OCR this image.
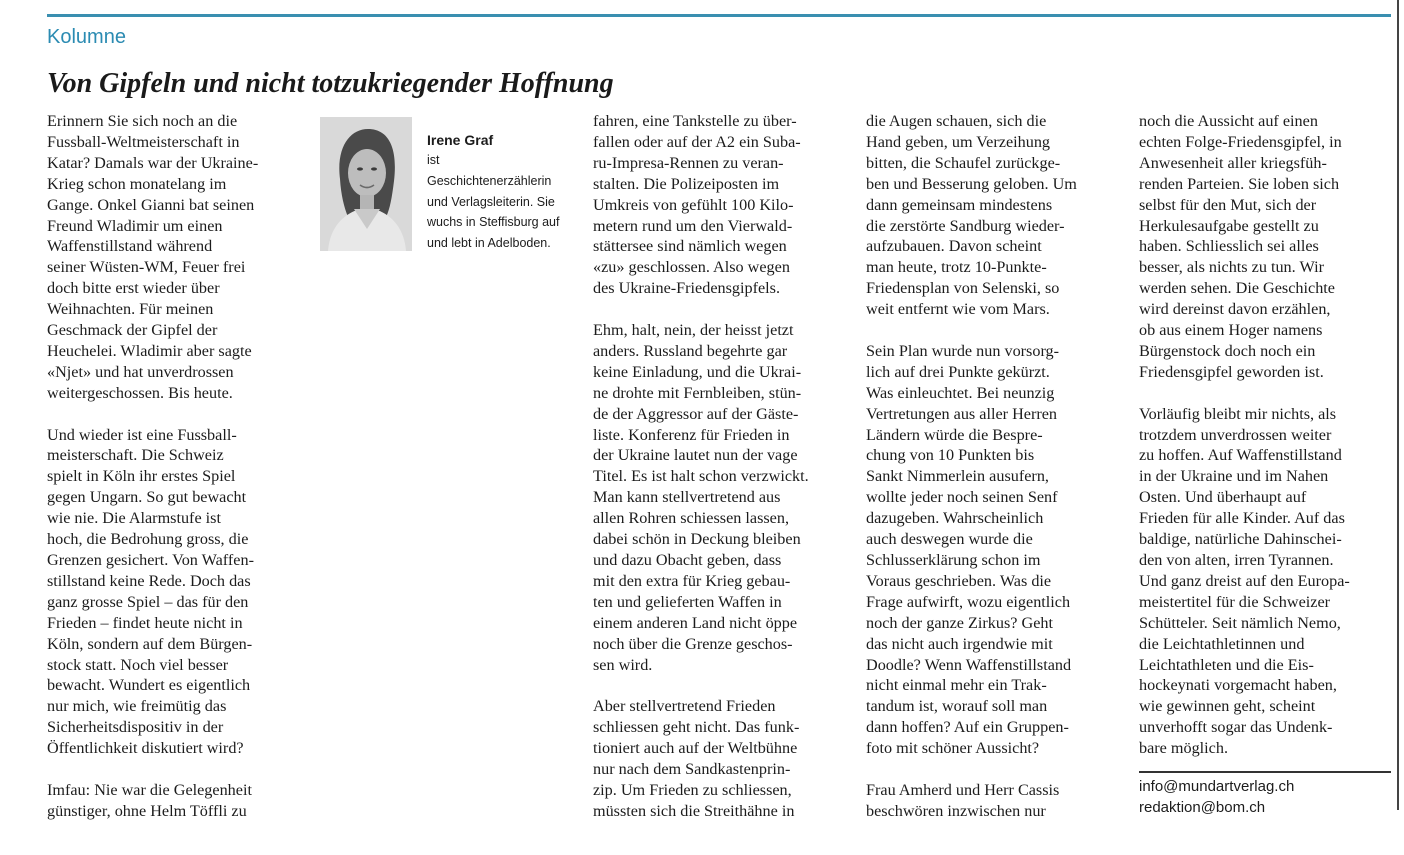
Kolumne
Von Gipfeln und nicht totzukriegender Hoffnung

Erinnern Sie sich noch an die
Fussball-Weltmeisterschaft in
Katar? Damals war der Ukraine-
Krieg schon monatelang im
Gange. Onkel Gianni bat seinen
Freund Wladimir um einen
Waffenstillstand während
seiner Wüsten-WM, Feuer frei
doch bitte erst wieder über
Weihnachten. Für meinen
Geschmack der Gipfel der
Heuchelei. Wladimir aber sagte
«Njet» und hat unverdrossen
weitergeschossen. Bis heute.

Und wieder ist eine Fussball-
meisterschaft. Die Schweiz
spielt in Köln ihr erstes Spiel
gegen Ungarn. So gut bewacht
wie nie. Die Alarmstufe ist
hoch, die Bedrohung gross, die
Grenzen gesichert. Von Waffen-
stillstand keine Rede. Doch das
ganz grosse Spiel – das für den
Frieden – findet heute nicht in
Köln, sondern auf dem Bürgen-
stock statt. Noch viel besser
bewacht. Wundert es eigentlich
nur mich, wie freimütig das
Sicherheitsdispositiv in der
Öffentlichkeit diskutiert wird?

Imfau: Nie war die Gelegenheit
günstiger, ohne Helm Töffli zu

Irene Graf
ist
Geschichtenerzählerin
und Verlagsleiterin. Sie
wuchs in Steffisburg auf
und lebt in Adelboden.

fahren, eine Tankstelle zu über-
fallen oder auf der A2 ein Suba-
ru-Impresa-Rennen zu veran-
stalten. Die Polizeiposten im
Umkreis von gefühlt 100 Kilo-
metern rund um den Vierwald-
stättersee sind nämlich wegen
«zu» geschlossen. Also wegen
des Ukraine-Friedensgipfels.

Ehm, halt, nein, der heisst jetzt
anders. Russland begehrte gar
keine Einladung, und die Ukrai-
ne drohte mit Fernbleiben, stün-
de der Aggressor auf der Gäste-
liste. Konferenz für Frieden in
der Ukraine lautet nun der vage
Titel. Es ist halt schon verzwickt.
Man kann stellvertretend aus
allen Rohren schiessen lassen,
dabei schön in Deckung bleiben
und dazu Obacht geben, dass
mit den extra für Krieg gebau-
ten und gelieferten Waffen in
einem anderen Land nicht öppe
noch über die Grenze geschos-
sen wird.

Aber stellvertretend Frieden
schliessen geht nicht. Das funk-
tioniert auch auf der Weltbühne
nur nach dem Sandkastenprin-
zip. Um Frieden zu schliessen,
müssten sich die Streithähne in

die Augen schauen, sich die
Hand geben, um Verzeihung
bitten, die Schaufel zurückge-
ben und Besserung geloben. Um
dann gemeinsam mindestens
die zerstörte Sandburg wieder-
aufzubauen. Davon scheint
man heute, trotz 10-Punkte-
Friedensplan von Selenski, so
weit entfernt wie vom Mars.

Sein Plan wurde nun vorsorg-
lich auf drei Punkte gekürzt.
Was einleuchtet. Bei neunzig
Vertretungen aus aller Herren
Ländern würde die Bespre-
chung von 10 Punkten bis
Sankt Nimmerlein ausufern,
wollte jeder noch seinen Senf
dazugeben. Wahrscheinlich
auch deswegen wurde die
Schlusserklärung schon im
Voraus geschrieben. Was die
Frage aufwirft, wozu eigentlich
noch der ganze Zirkus? Geht
das nicht auch irgendwie mit
Doodle? Wenn Waffenstillstand
nicht einmal mehr ein Trak-
tandum ist, worauf soll man
dann hoffen? Auf ein Gruppen-
foto mit schöner Aussicht?

Frau Amherd und Herr Cassis
beschwören inzwischen nur

noch die Aussicht auf einen
echten Folge-Friedensgipfel, in
Anwesenheit aller kriegsfüh-
renden Parteien. Sie loben sich
selbst für den Mut, sich der
Herkulesaufgabe gestellt zu
haben. Schliesslich sei alles
besser, als nichts zu tun. Wir
werden sehen. Die Geschichte
wird dereinst davon erzählen,
ob aus einem Hoger namens
Bürgenstock doch noch ein
Friedensgipfel geworden ist.

Vorläufig bleibt mir nichts, als
trotzdem unverdrossen weiter
zu hoffen. Auf Waffenstillstand
in der Ukraine und im Nahen
Osten. Und überhaupt auf
Frieden für alle Kinder. Auf das
baldige, natürliche Dahinschei-
den von alten, irren Tyrannen.
Und ganz dreist auf den Europa-
meistertitel für die Schweizer
Schütteler. Seit nämlich Nemo,
die Leichtathletinnen und
Leichtathleten und die Eis-
hockeynati vorgemacht haben,
wie gewinnen geht, scheint
unverhofft sogar das Undenk-
bare möglich.

info@mundartverlag.ch
redaktion@bom.ch
